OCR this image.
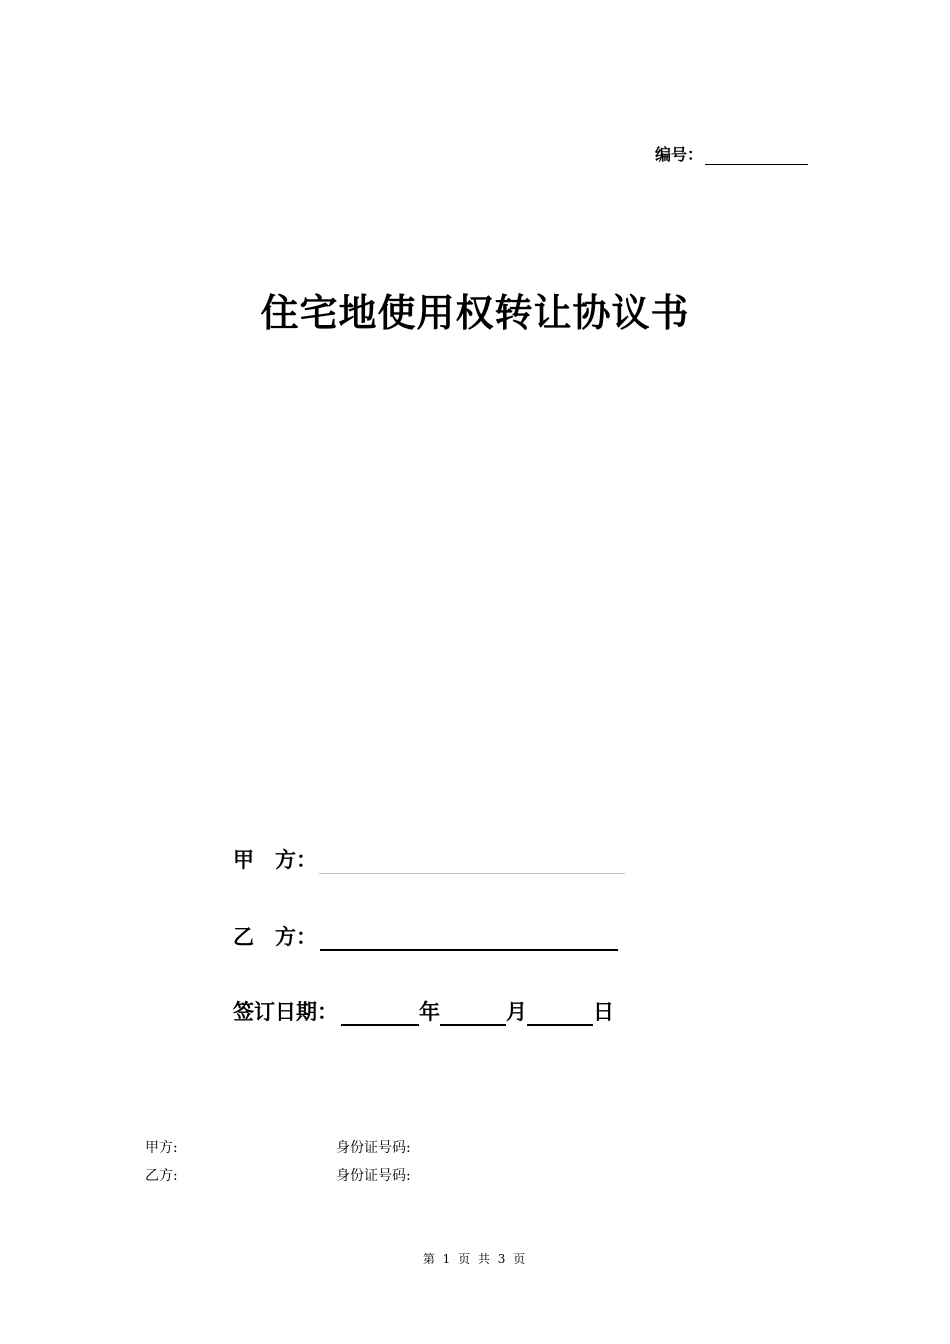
编号：
住宅地使用权转让协议书
甲　方：
乙　方：
签订日期：	年	月	日
甲方:	身份证号码:
乙方:	身份证号码:
第 1 页 共 3 页
